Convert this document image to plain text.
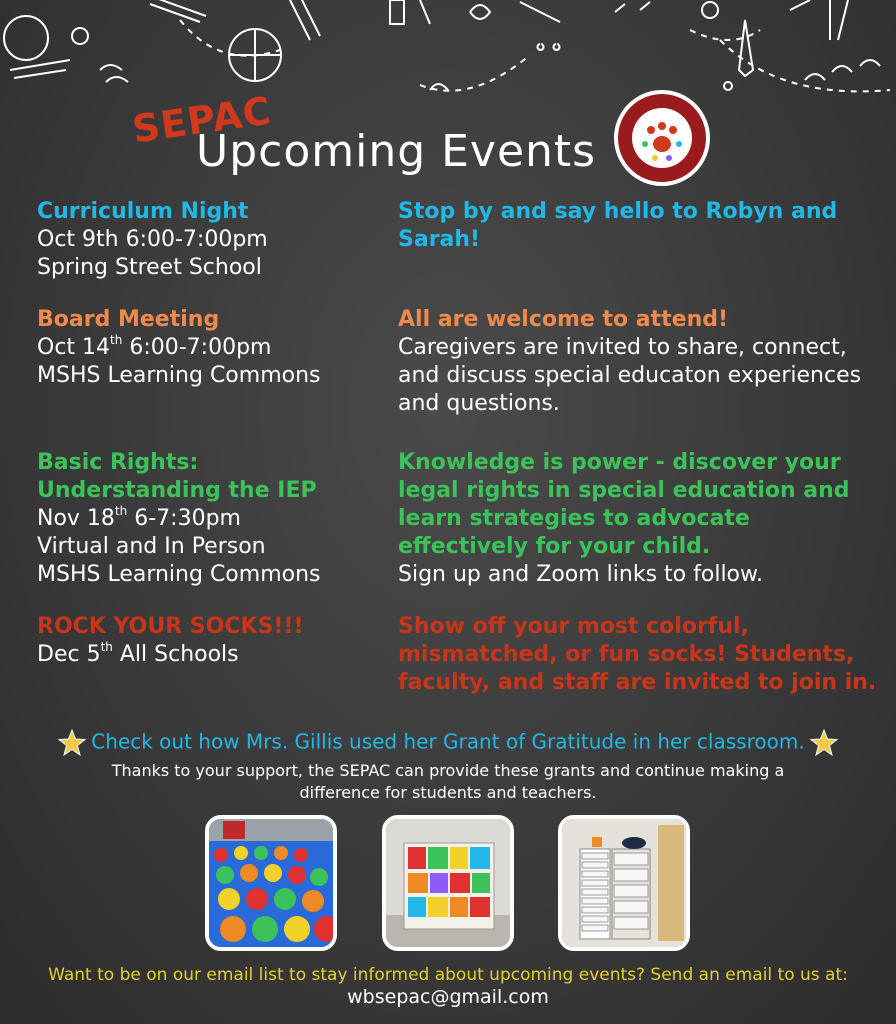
SEPAC
Upcoming Events
Curriculum Night
Oct 9th 6:00-7:00pm
Spring Street School
Stop by and say hello to Robyn and
Sarah!
Board Meeting
Oct 14th 6:00-7:00pm
MSHS Learning Commons
All are welcome to attend!
Caregivers are invited to share, connect,
and discuss special educaton experiences
and questions.
Basic Rights:
Understanding the IEP
Nov 18th 6-7:30pm
Virtual and In Person
MSHS Learning Commons
Knowledge is power - discover your
legal rights in special education and
learn strategies to advocate
effectively for your child.
Sign up and Zoom links to follow.
ROCK YOUR SOCKS!!!
Dec 5th All Schools
Show off your most colorful,
mismatched, or fun socks! Students,
faculty, and staff are invited to join in.
Check out how Mrs. Gillis used her Grant of Gratitude in her classroom.
Thanks to your support, the SEPAC can provide these grants and continue making a
difference for students and teachers.
Want to be on our email list to stay informed about upcoming events? Send an email to us at:
wbsepac@gmail.com
